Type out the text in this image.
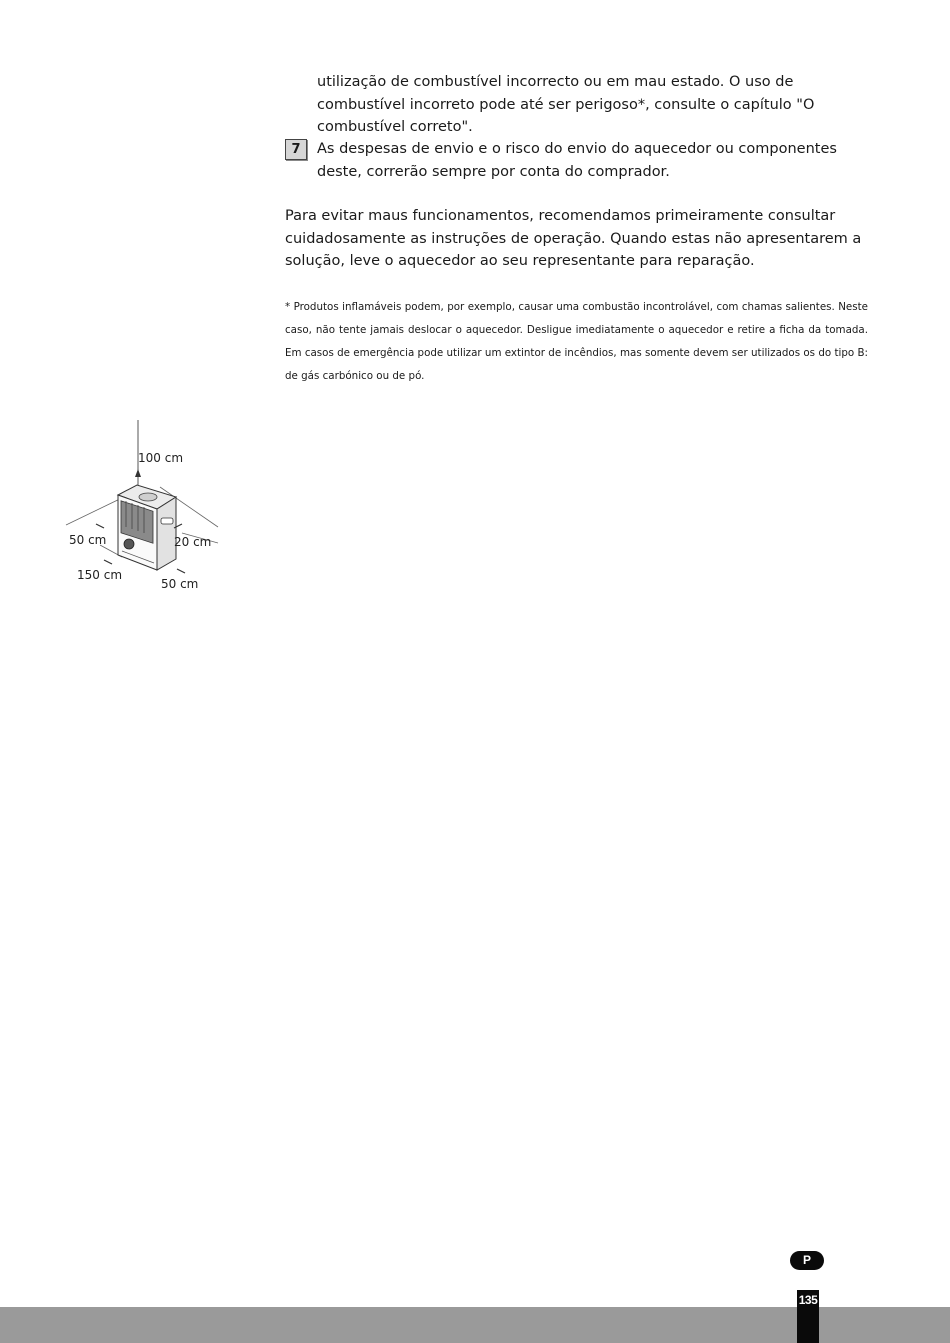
utilização de combustível incorrecto ou em mau estado. O uso de combustível incorreto pode até ser perigoso*, consulte o capítulo "O combustível correto".

7	As despesas de envio e o risco do envio do aquecedor ou componentes deste, correrão sempre por conta do comprador.

Para evitar maus funcionamentos, recomendamos primeiramente consultar cuidadosamente as instruções de operação. Quando estas não apresentarem a solução, leve o aquecedor ao seu representante para reparação.

* Produtos inflamáveis podem, por exemplo, causar uma combustão incontrolável, com chamas salientes. Neste caso, não tente jamais deslocar o aquecedor. Desligue imediatamente o aquecedor e retire a ficha da tomada. Em casos de emergência pode utilizar um extintor de incêndios, mas somente devem ser utilizados os do tipo B: de gás carbónico ou de pó.

100 cm
50 cm	20 cm
150 cm
50 cm
P
135
